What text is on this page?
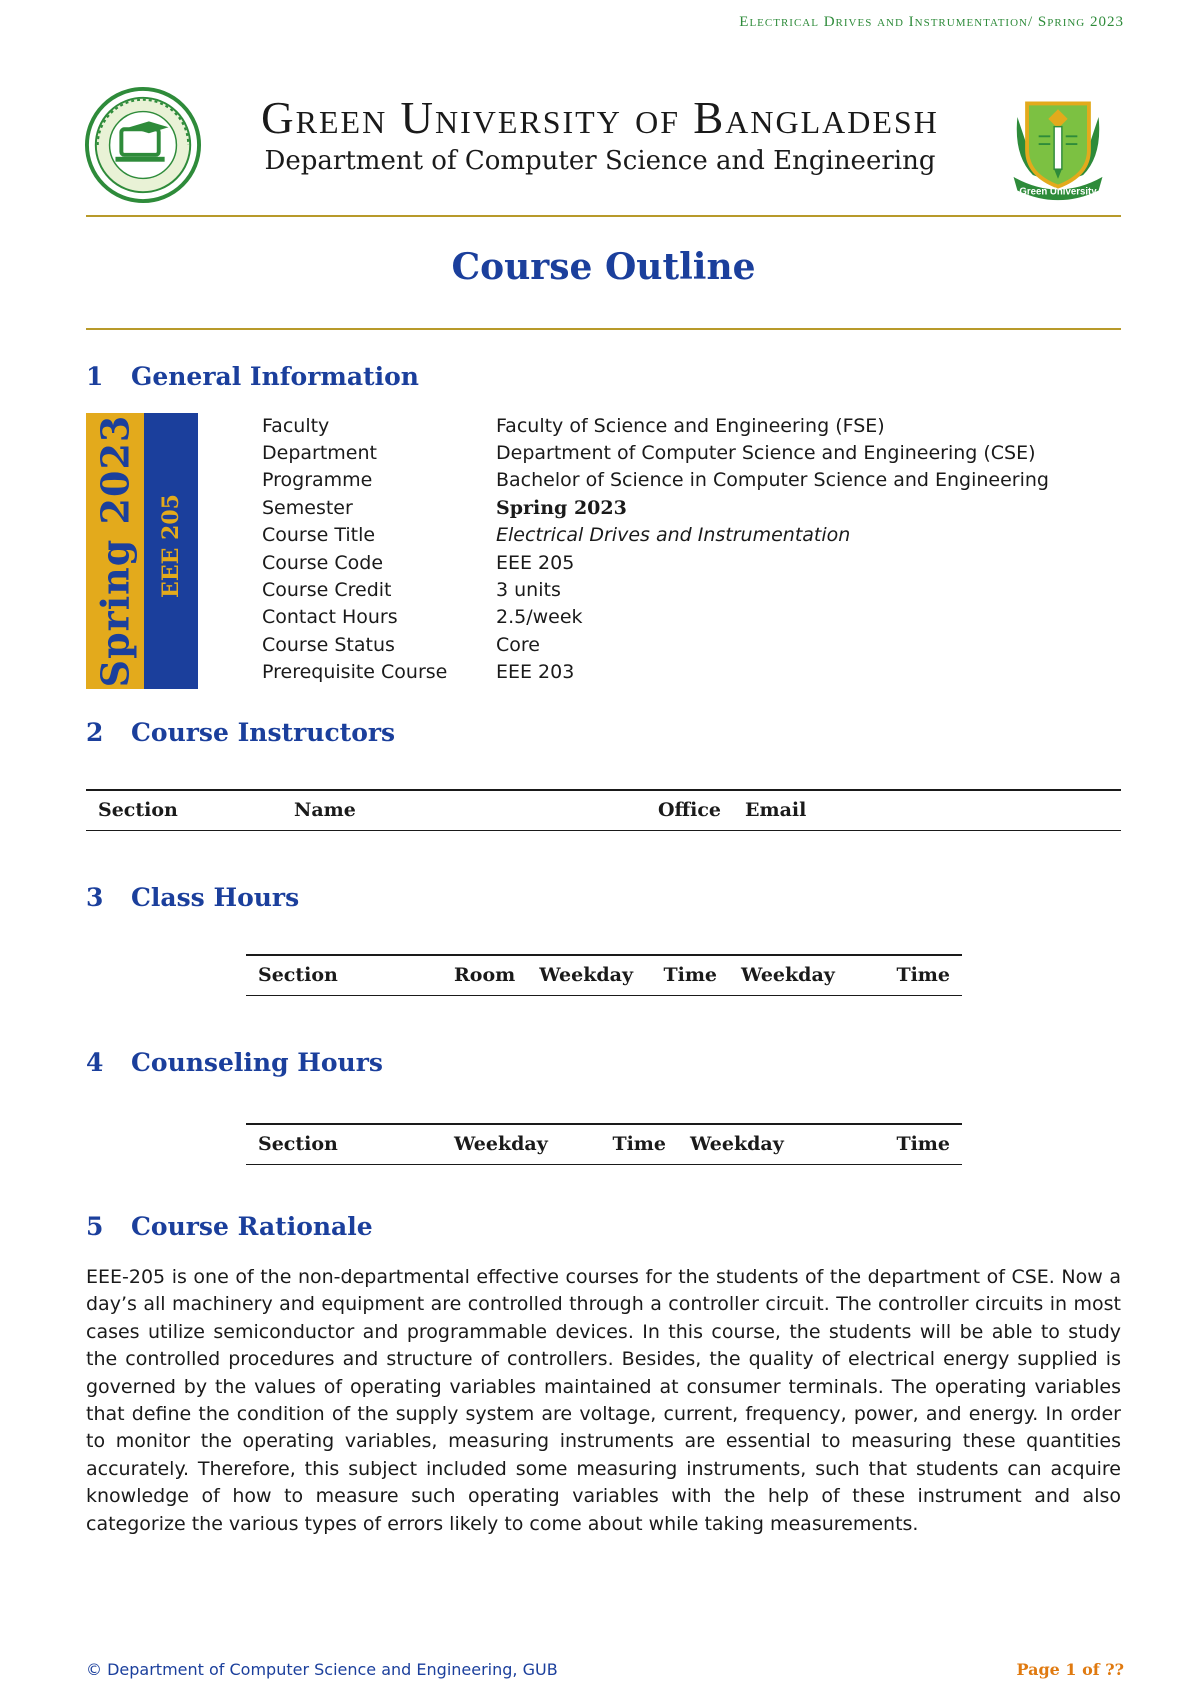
Electrical Drives and Instrumentation/ Spring 2023
Green University of Bangladesh
Department of Computer Science and Engineering
Green University
Course Outline
1 General Information
Spring 2023 EEE 205
Faculty	Faculty of Science and Engineering (FSE)
Department	Department of Computer Science and Engineering (CSE)
Programme	Bachelor of Science in Computer Science and Engineering
Semester	Spring 2023
Course Title	Electrical Drives and Instrumentation
Course Code	EEE 205
Course Credit	3 units
Contact Hours	2.5/week
Course Status	Core
Prerequisite Course	EEE 203
2 Course Instructors
Section	Name	Office	Email
3 Class Hours
Section	Room	Weekday	Time	Weekday	Time
4 Counseling Hours
Section	Weekday	Time	Weekday	Time
5 Course Rationale

EEE-205 is one of the non-departmental effective courses for the students of the department of CSE. Now a day’s all machinery and equipment are controlled through a controller circuit. The controller circuits in most cases utilize semiconductor and programmable devices. In this course, the students will be able to study the controlled procedures and structure of controllers. Besides, the quality of electrical energy supplied is governed by the values of operating variables maintained at consumer terminals. The operating variables that define the condition of the supply system are voltage, current, frequency, power, and energy. In order to monitor the operating variables, measuring instruments are essential to measuring these quantities accurately. Therefore, this subject included some measuring instruments, such that students can acquire knowledge of how to measure such operating variables with the help of these instrument and also categorize the various types of errors likely to come about while taking measurements.

© Department of Computer Science and Engineering, GUB	Page 1 of ??
